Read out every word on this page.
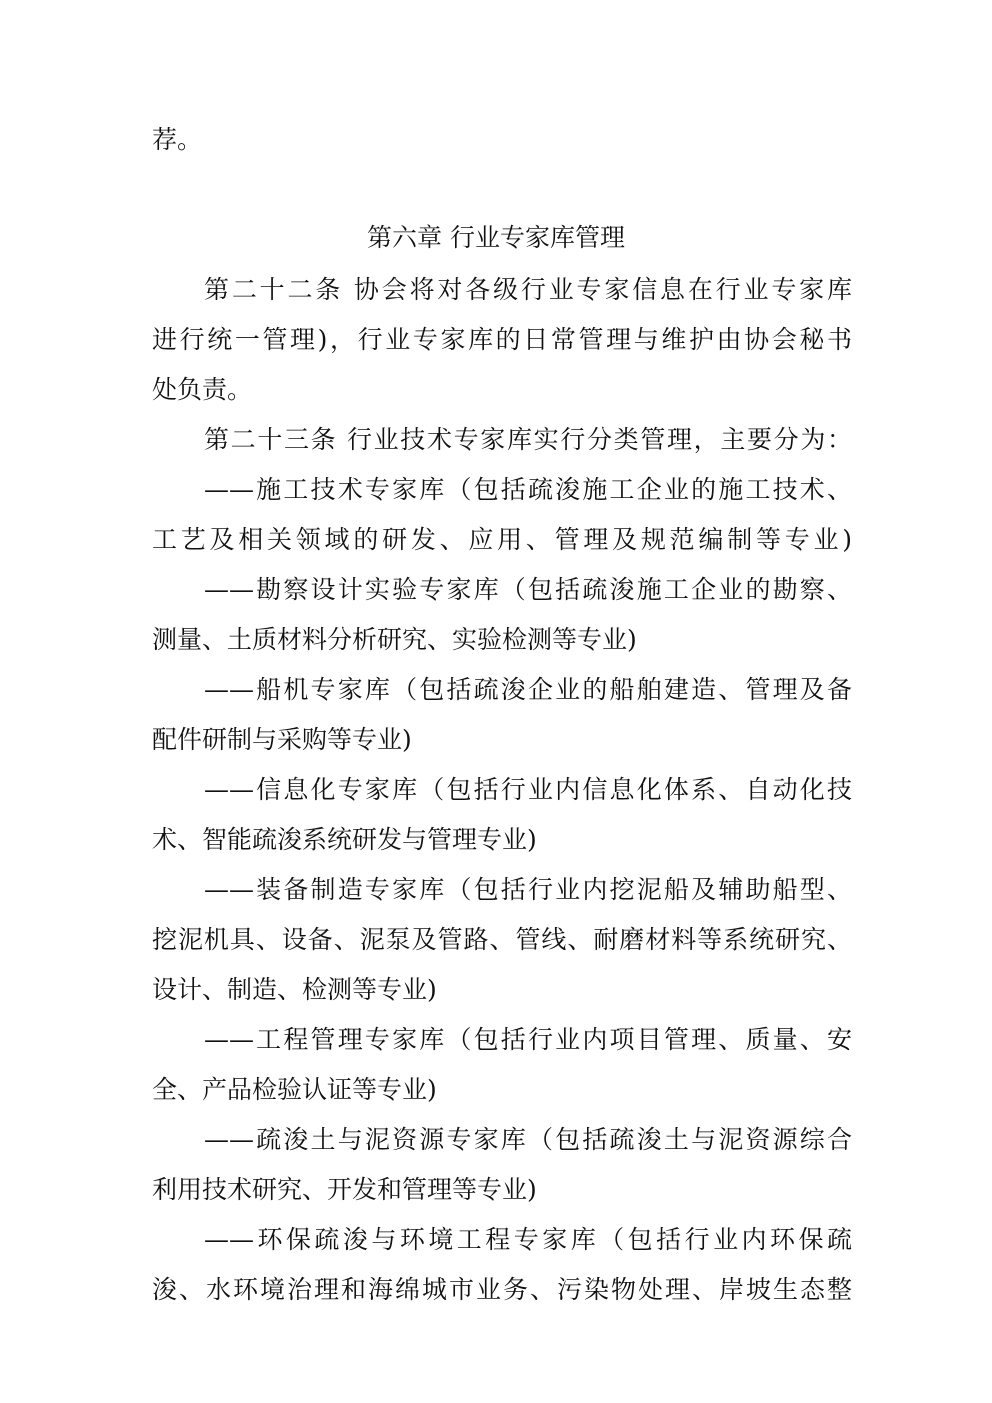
荐。
第六章 行业专家库管理
第二十二条 协会将对各级行业专家信息在行业专家库
进行统一管理)，行业专家库的日常管理与维护由协会秘书
处负责。
第二十三条 行业技术专家库实行分类管理，主要分为：
——施工技术专家库（包括疏浚施工企业的施工技术、
工艺及相关领域的研发、应用、管理及规范编制等专业)
——勘察设计实验专家库（包括疏浚施工企业的勘察、
测量、土质材料分析研究、实验检测等专业)
——船机专家库（包括疏浚企业的船舶建造、管理及备
配件研制与采购等专业)
——信息化专家库（包括行业内信息化体系、自动化技
术、智能疏浚系统研发与管理专业)
——装备制造专家库（包括行业内挖泥船及辅助船型、
挖泥机具、设备、泥泵及管路、管线、耐磨材料等系统研究、
设计、制造、检测等专业)
——工程管理专家库（包括行业内项目管理、质量、安
全、产品检验认证等专业)
——疏浚土与泥资源专家库（包括疏浚土与泥资源综合
利用技术研究、开发和管理等专业)
——环保疏浚与环境工程专家库（包括行业内环保疏
浚、水环境治理和海绵城市业务、污染物处理、岸坡生态整
